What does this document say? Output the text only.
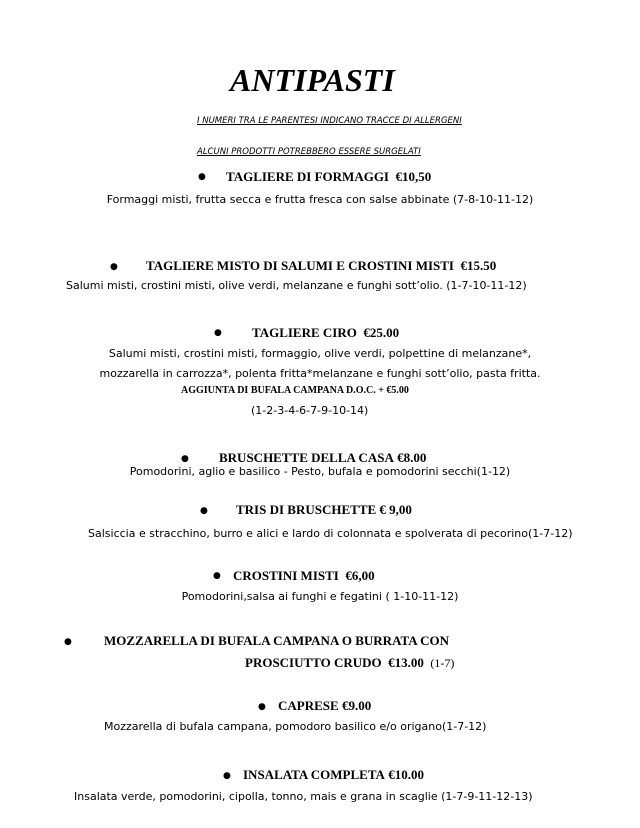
ANTIPASTI
I NUMERI TRA LE PARENTESI INDICANO TRACCE DI ALLERGENI
ALCUNI PRODOTTI POTREBBERO ESSERE SURGELATI
● TAGLIERE DI FORMAGGI €10,50
Formaggi misti, frutta secca e frutta fresca con salse abbinate (7-8-10-11-12)
● TAGLIERE MISTO DI SALUMI E CROSTINI MISTI €15.50
Salumi misti, crostini misti, olive verdi, melanzane e funghi sott’olio. (1-7-10-11-12)
● TAGLIERE CIRO €25.00
Salumi misti, crostini misti, formaggio, olive verdi, polpettine di melanzane*,
mozzarella in carrozza*, polenta fritta*melanzane e funghi sott’olio, pasta fritta.
AGGIUNTA DI BUFALA CAMPANA D.O.C. + €5.00
(1-2-3-4-6-7-9-10-14)
● BRUSCHETTE DELLA CASA €8.00
Pomodorini, aglio e basilico - Pesto, bufala e pomodorini secchi(1-12)
● TRIS DI BRUSCHETTE € 9,00
Salsiccia e stracchino, burro e alici e lardo di colonnata e spolverata di pecorino(1-7-12)
● CROSTINI MISTI €6,00
Pomodorini,salsa ai funghi e fegatini ( 1-10-11-12)
● MOZZARELLA DI BUFALA CAMPANA O BURRATA CON
PROSCIUTTO CRUDO €13.00 (1-7)
● CAPRESE €9.00
Mozzarella di bufala campana, pomodoro basilico e/o origano(1-7-12)
● INSALATA COMPLETA €10.00
Insalata verde, pomodorini, cipolla, tonno, mais e grana in scaglie (1-7-9-11-12-13)
